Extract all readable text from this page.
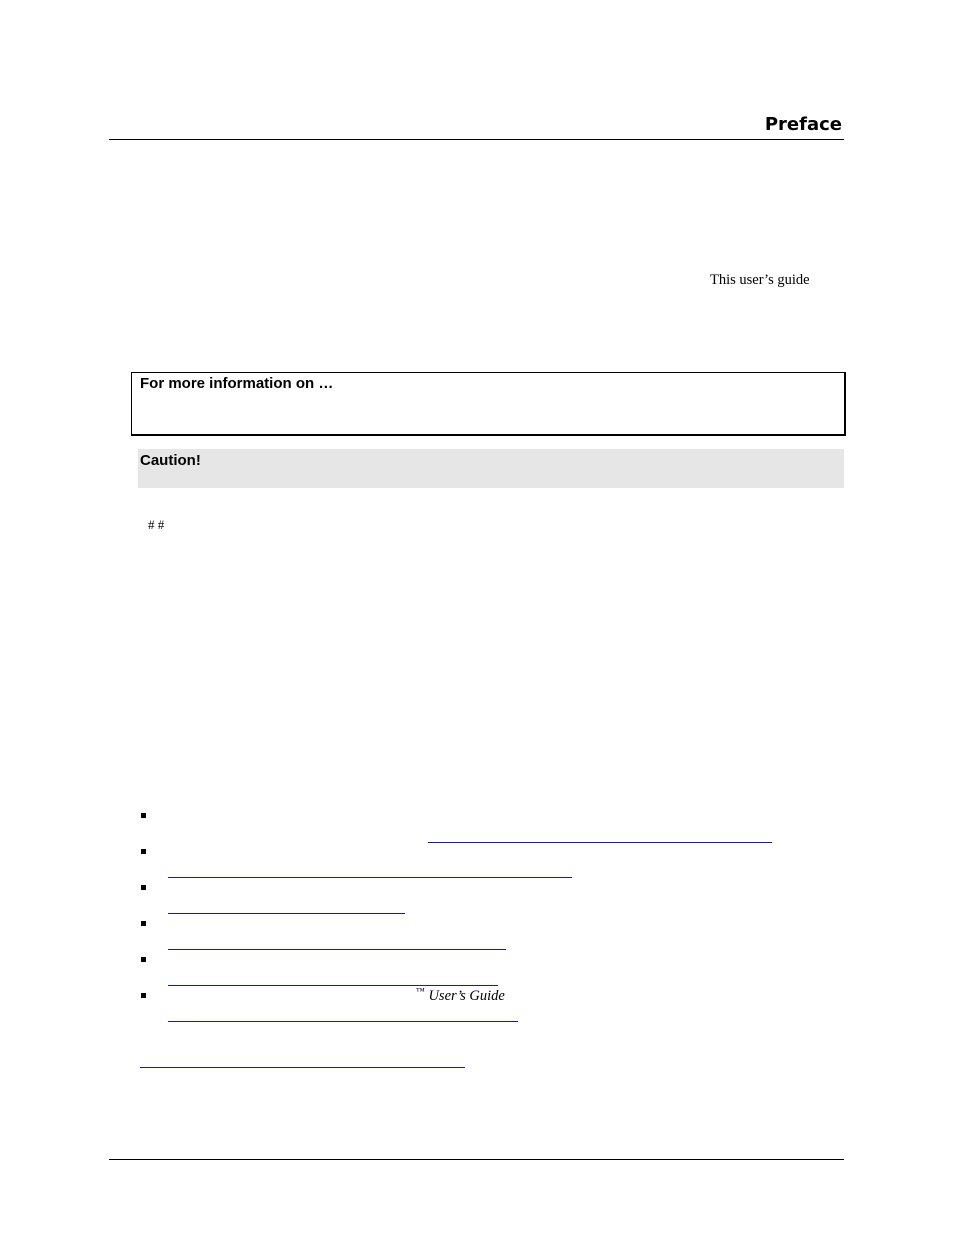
Preface
This user’s guide
For more information on …
Caution!
# #
™ User’s Guide
